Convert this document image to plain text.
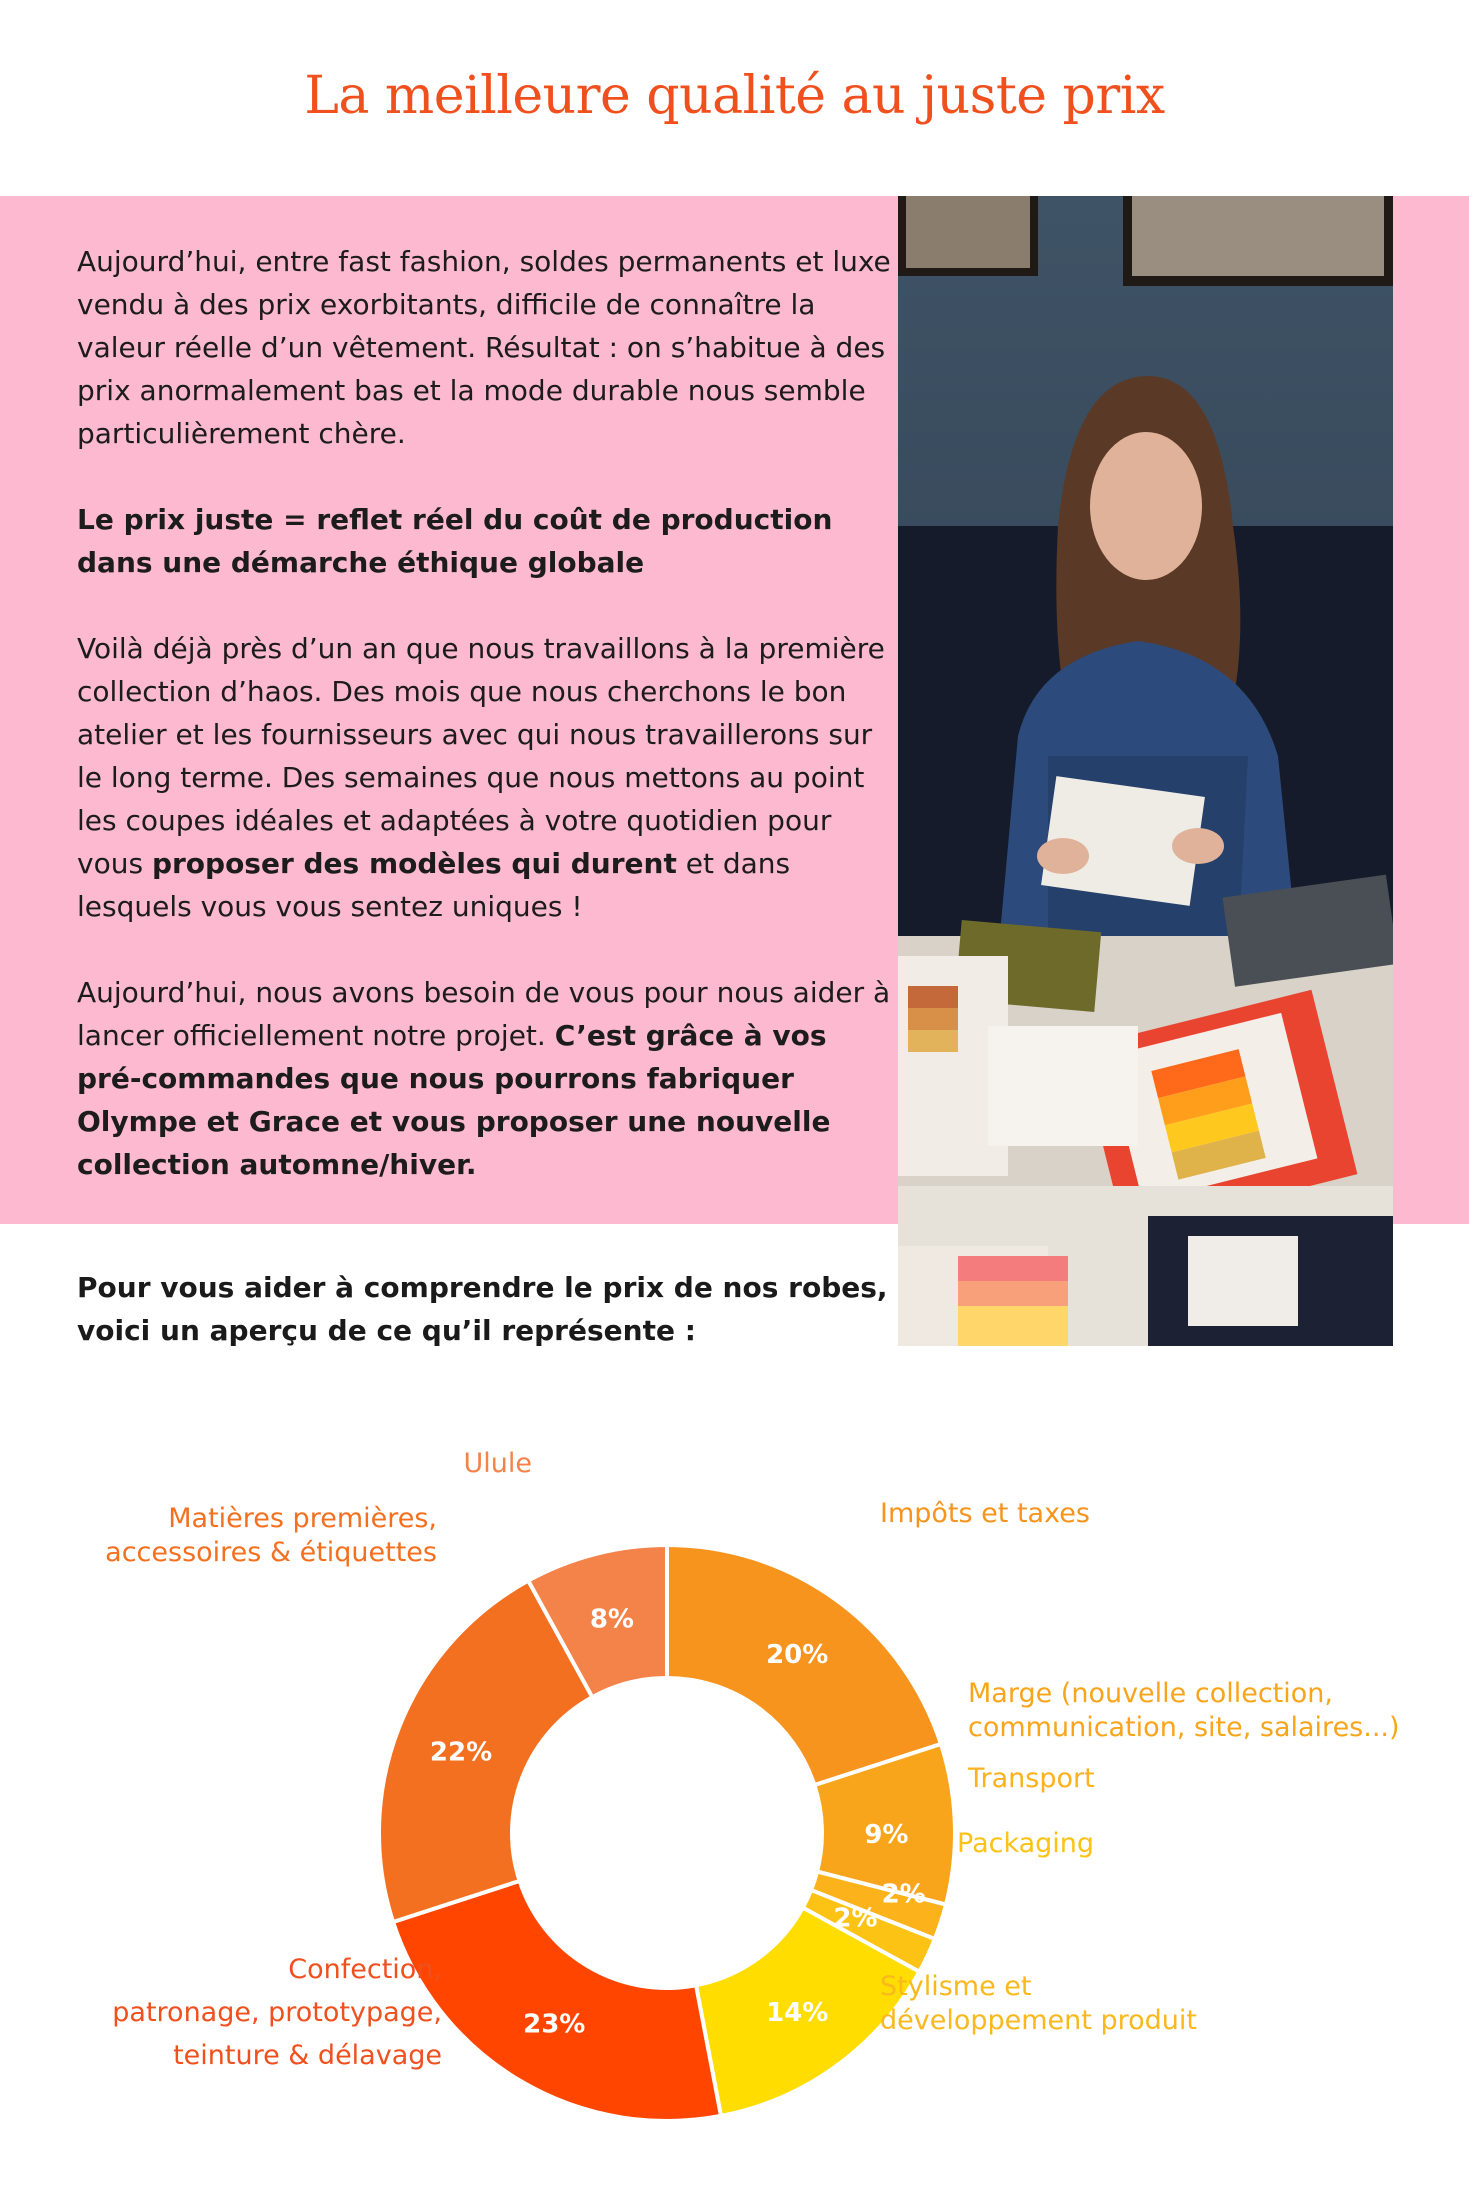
La meilleure qualité au juste prix

Aujourd’hui, entre fast fashion, soldes permanents et luxe vendu à des prix exorbitants, difficile de connaître la valeur réelle d’un vêtement. Résultat : on s’habitue à des prix anormalement bas et la mode durable nous semble particulièrement chère.

Le prix juste = reflet réel du coût de production dans une démarche éthique globale

Voilà déjà près d’un an que nous travaillons à la première collection d’haos. Des mois que nous cherchons le bon atelier et les fournisseurs avec qui nous travaillerons sur le long terme. Des semaines que nous mettons au point les coupes idéales et adaptées à votre quotidien pour vous proposer des modèles qui durent et dans lesquels vous vous sentez uniques !

Aujourd’hui, nous avons besoin de vous pour nous aider à lancer officiellement notre projet. C’est grâce à vos pré-commandes que nous pourrons fabriquer Olympe et Grace et vous proposer une nouvelle collection automne/hiver.

Pour vous aider à comprendre le prix de nos robes, voici un aperçu de ce qu’il représente :

20%
Impôts et taxes
9%
Marge (nouvelle collection, communication, site, salaires...)
2%
Transport
2%
Packaging
14%
Stylisme et développement produit
23%
Confection, patronage, prototypage, teinture & délavage
22%
Matières premières, accessoires & étiquettes
8%
Ulule
